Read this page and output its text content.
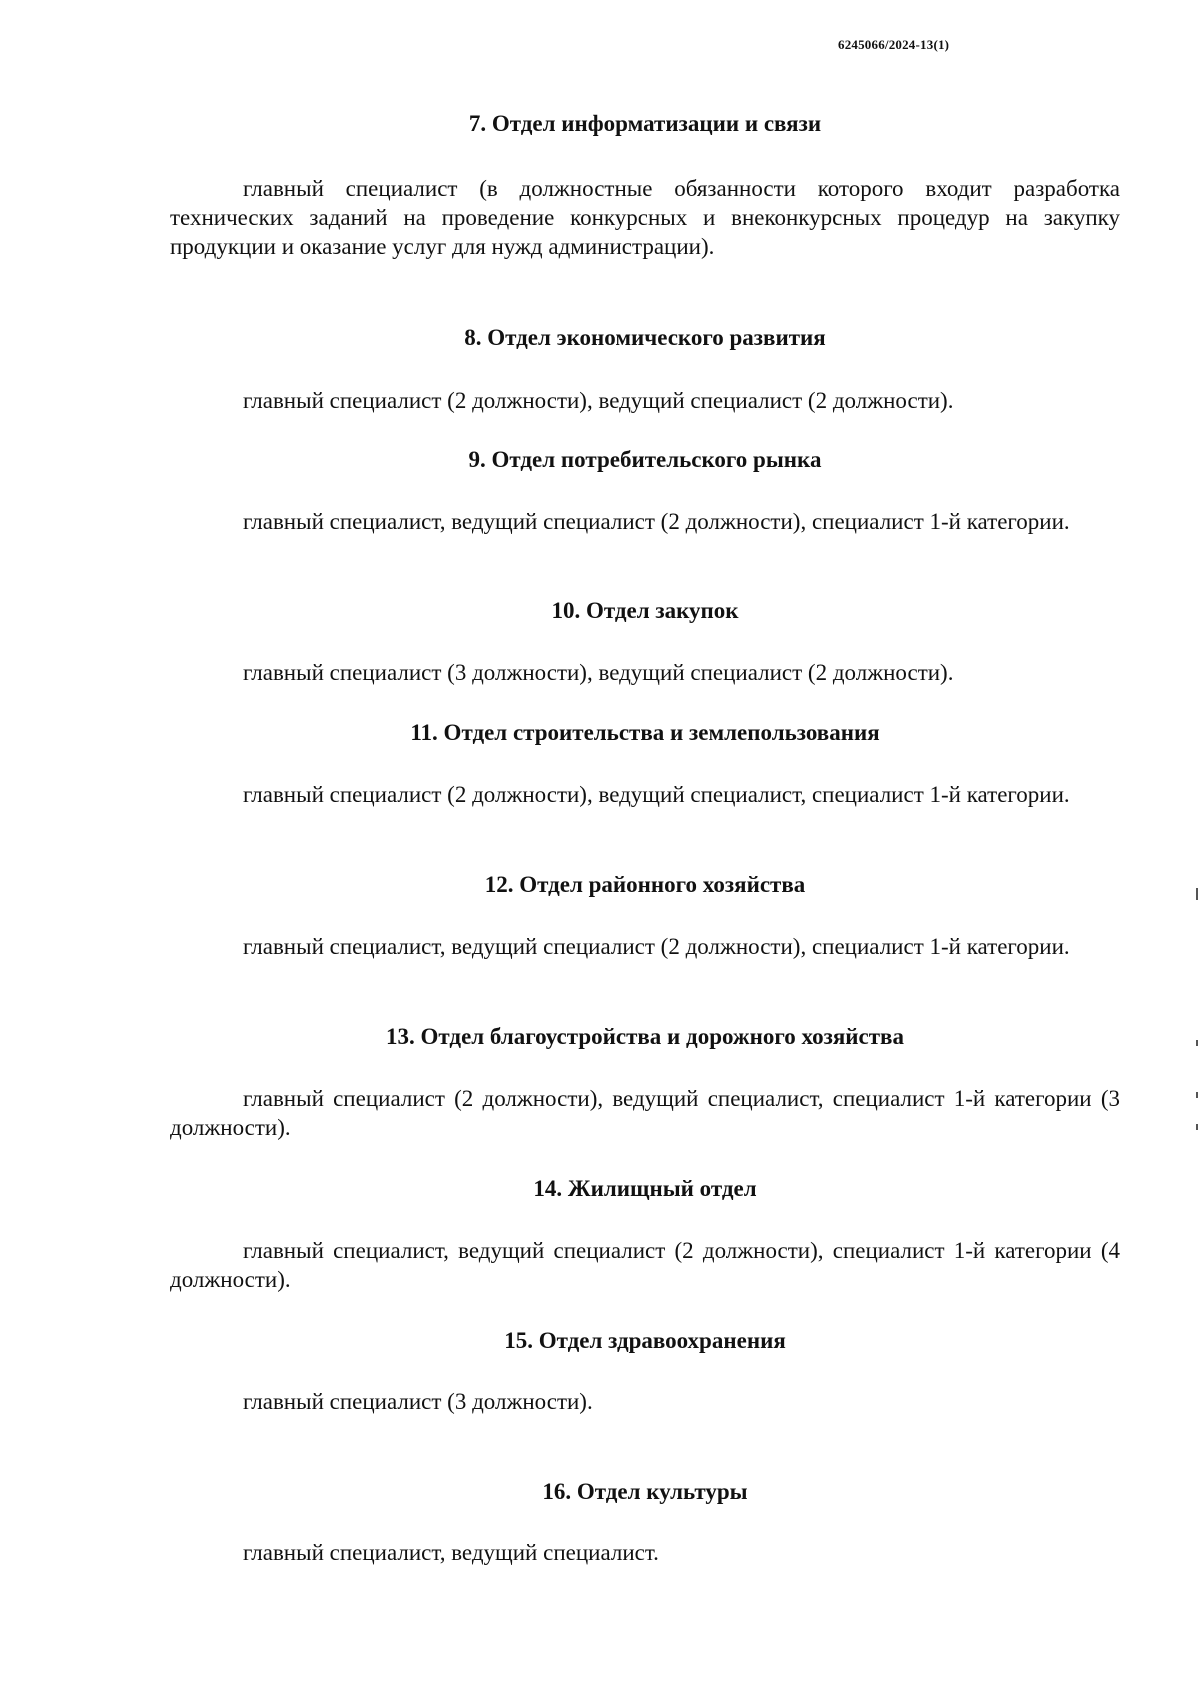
6245066/2024-13(1)
7. Отдел информатизации и связи
главный специалист (в должностные обязанности которого входит разработка технических заданий на проведение конкурсных и внеконкурсных процедур на закупку продукции и оказание услуг для нужд администрации).
8. Отдел экономического развития
главный специалист (2 должности), ведущий специалист (2 должности).
9. Отдел потребительского рынка
главный специалист, ведущий специалист (2 должности), специалист 1-й категории.
10. Отдел закупок
главный специалист (3 должности), ведущий специалист (2 должности).
11. Отдел строительства и землепользования
главный специалист (2 должности), ведущий специалист, специалист 1-й категории.
12. Отдел районного хозяйства
главный специалист, ведущий специалист (2 должности), специалист 1-й категории.
13. Отдел благоустройства и дорожного хозяйства
главный специалист (2 должности), ведущий специалист, специалист 1-й категории (3 должности).
14. Жилищный отдел
главный специалист, ведущий специалист (2 должности), специалист 1-й категории (4 должности).
15. Отдел здравоохранения
главный специалист (3 должности).
16. Отдел культуры
главный специалист, ведущий специалист.
